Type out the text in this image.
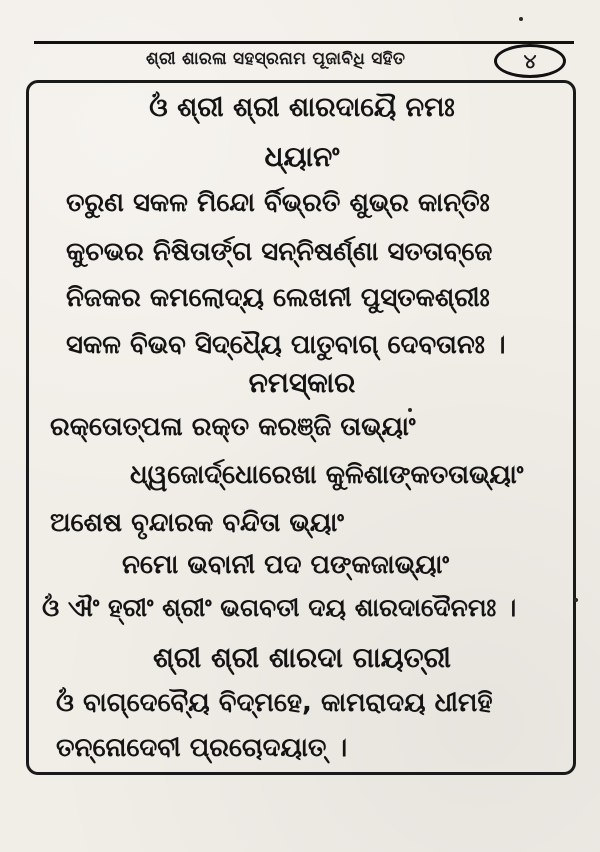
ଶ୍ରୀ ଶାରଳା ସହସ୍ରନାମ ପୂଜାବିଧି ସହିତ	୪
ଓଁ ଶ୍ରୀ ଶ୍ରୀ ଶାରଦାୟୈ ନମଃ
ଧ୍ୟାନଂ
ତରୁଣ ସକଳ ମିନ୍ଦୋ ର୍ବିଭ୍ରତି ଶୁଭ୍ର କାନ୍ତିଃ
କୁଚଭର ନିଷିତାର୍ଙ୍ଗ ସନ୍ନିଷର୍ଣ୍ଣା ସତତାବ୍‌ଜେ
ନିଜକର କମଲୋଦ୍ୟ ଲେଖନୀ ପୁସ୍ତକଶ୍ରୀଃ
ସକଳ ବିଭବ ସିଦ୍ଧ୍ୟୈ ପାତୁବାଗ୍ ଦେବତାନଃ ।
ନମସ୍କାର
ରକ୍ତୋତ୍ପଳା ରକ୍ତ କରଞ୍ଜି ତାଭ୍ୟାଂ
ଧ୍ୱଜୋର୍ଦ୍ଧୋରେଖା କୁଳିଶାଙ୍କତତାଭ୍ୟାଂ
ଅଶେଷ ବୃନ୍ଦାରକ ବନ୍ଦିତା ଭ୍ୟାଂ
ନମୋ ଭବାନୀ ପଦ ପଙ୍କଜାଭ୍ୟାଂ
ଓଁ ଐଂ ହ୍ରୀଂ ଶ୍ରୀଂ ଭଗବତୀ ଦୟ ଶାରଦାଦୈନମଃ ।
ଶ୍ରୀ ଶ୍ରୀ ଶାରଦା ଗାୟତ୍ରୀ
ଓଁ ବାଗ୍‌ଦେବ୍ୟୈ ବିଦ୍ମହେ, କାମରାଦୟ ଧୀମହି
ତନ୍ନୋଦେବୀ ପ୍ରଚୋଦୟାତ୍ ।
